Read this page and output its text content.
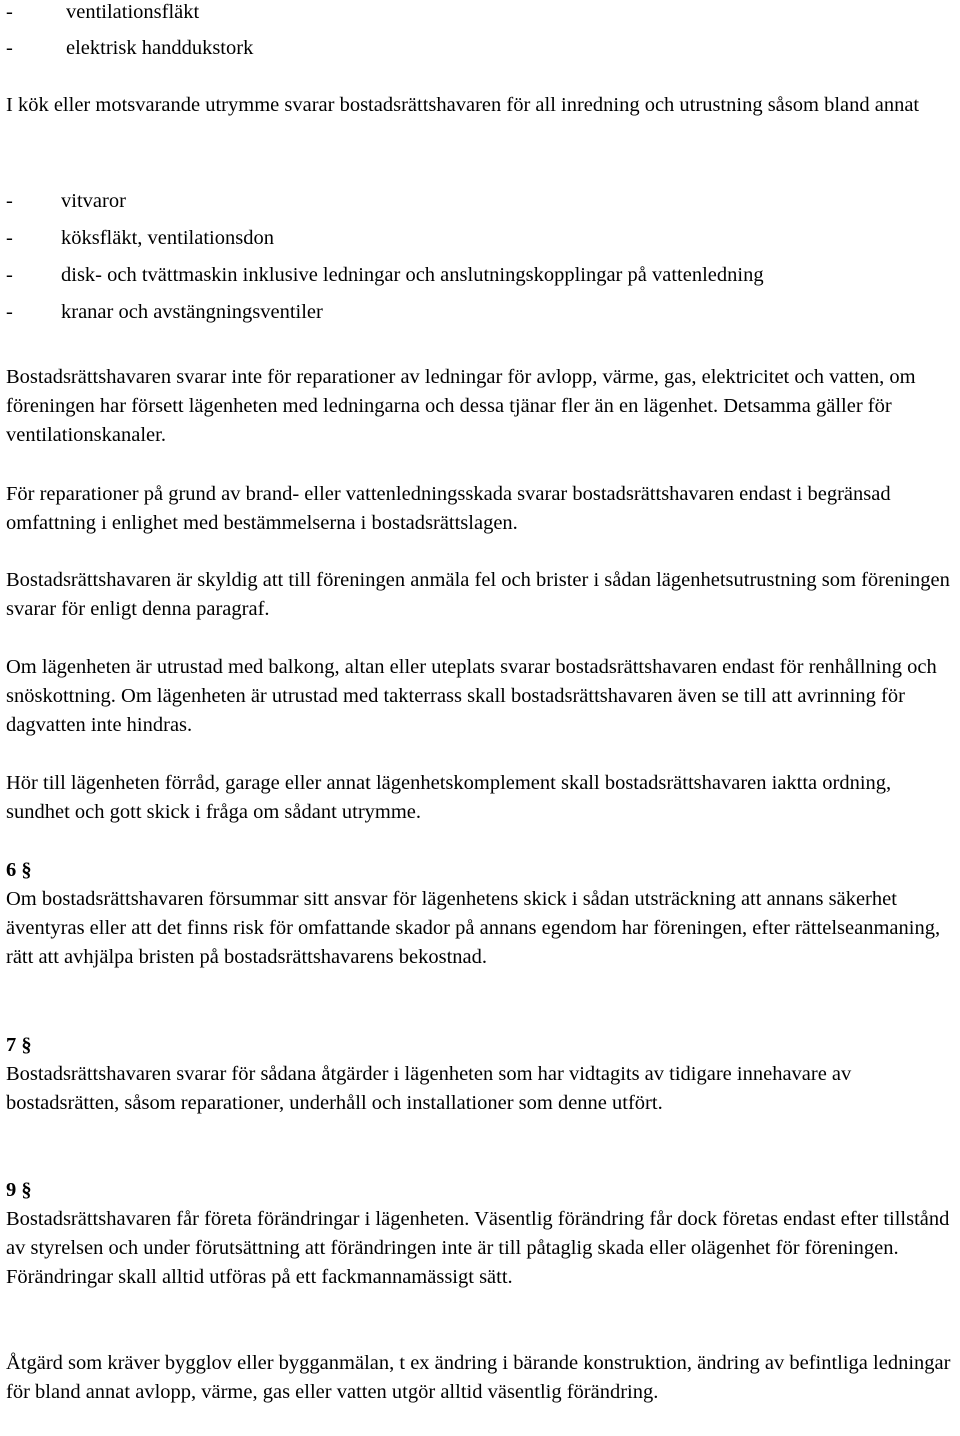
-	ventilationsfläkt
-	elektrisk handdukstork

I kök eller motsvarande utrymme svarar bostadsrättshavaren för all inredning och utrustning såsom bland annat

- vitvaror
- köksfläkt, ventilationsdon
- disk- och tvättmaskin inklusive ledningar och anslutningskopplingar på vattenledning
- kranar och avstängningsventiler

Bostadsrättshavaren svarar inte för reparationer av ledningar för avlopp, värme, gas, elektricitet och vatten, om föreningen har försett lägenheten med ledningarna och dessa tjänar fler än en lägenhet. Detsamma gäller för ventilationskanaler.

För reparationer på grund av brand- eller vattenledningsskada svarar bostadsrättshavaren endast i begränsad omfattning i enlighet med bestämmelserna i bostadsrättslagen.

Bostadsrättshavaren är skyldig att till föreningen anmäla fel och brister i sådan lägenhetsutrustning som föreningen svarar för enligt denna paragraf.

Om lägenheten är utrustad med balkong, altan eller uteplats svarar bostadsrättshavaren endast för renhållning och snöskottning. Om lägenheten är utrustad med takterrass skall bostadsrättshavaren även se till att avrinning för dagvatten inte hindras.

Hör till lägenheten förråd, garage eller annat lägenhetskomplement skall bostadsrättshavaren iaktta ordning, sundhet och gott skick i fråga om sådant utrymme.

6 §

Om bostadsrättshavaren försummar sitt ansvar för lägenhetens skick i sådan utsträckning att annans säkerhet äventyras eller att det finns risk för omfattande skador på annans egendom har föreningen, efter rättelseanmaning, rätt att avhjälpa bristen på bostadsrättshavarens bekostnad.

7 §

Bostadsrättshavaren svarar för sådana åtgärder i lägenheten som har vidtagits av tidigare innehavare av bostadsrätten, såsom reparationer, underhåll och installationer som denne utfört.

9 §

Bostadsrättshavaren får företa förändringar i lägenheten. Väsentlig förändring får dock företas endast efter tillstånd av styrelsen och under förutsättning att förändringen inte är till påtaglig skada eller olägenhet för föreningen. Förändringar skall alltid utföras på ett fackmannamässigt sätt.

Åtgärd som kräver bygglov eller bygganmälan, t ex ändring i bärande konstruktion, ändring av befintliga ledningar för bland annat avlopp, värme, gas eller vatten utgör alltid väsentlig förändring.
